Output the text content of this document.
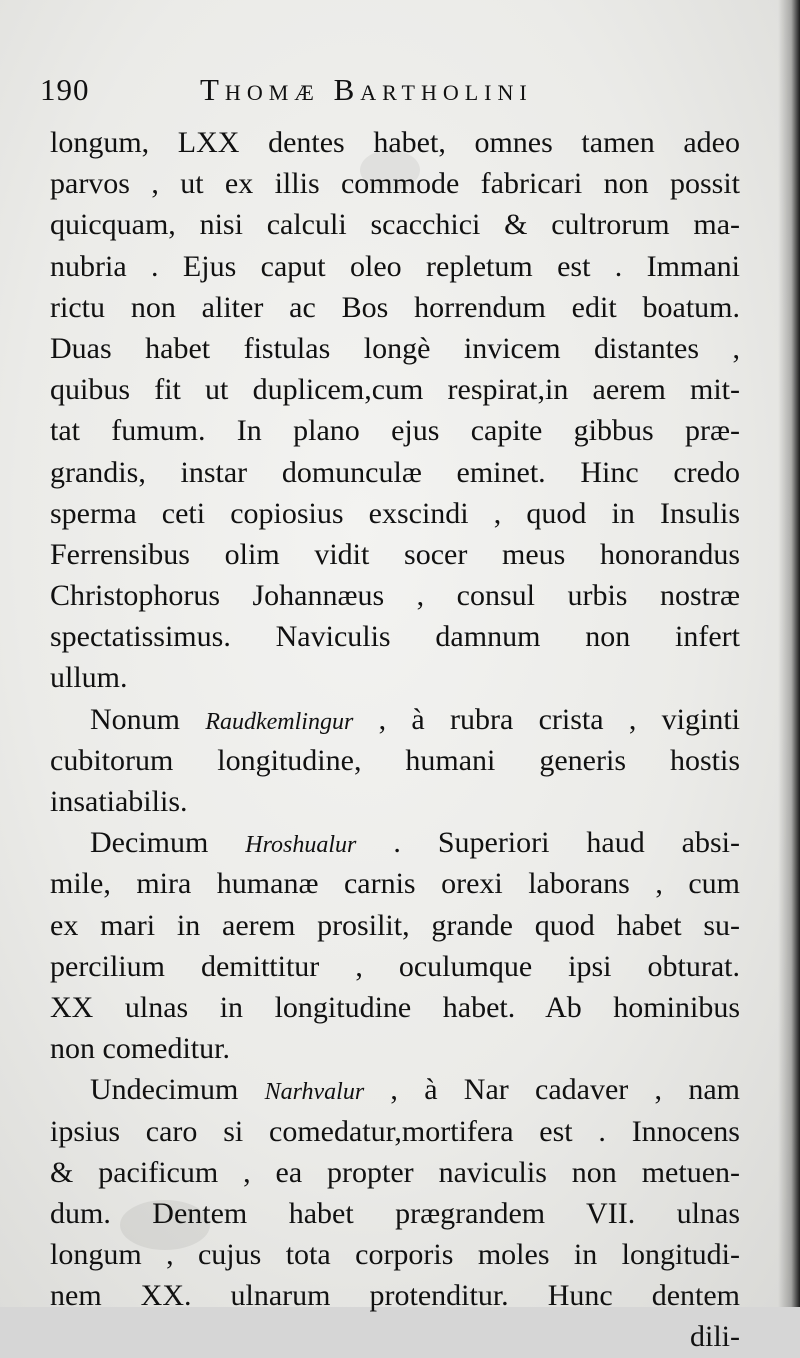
190	Thomæ Bartholini
longum, LXX dentes habet, omnes tamen adeo
parvos , ut ex illis commode fabricari non possit
quicquam, nisi calculi scacchici & cultrorum ma-
nubria . Ejus caput oleo repletum est . Immani
rictu non aliter ac Bos horrendum edit boatum.
Duas habet fistulas longè invicem distantes ,
quibus fit ut duplicem,cum respirat,in aerem mit-
tat fumum. In plano ejus capite gibbus præ-
grandis, instar domunculæ eminet. Hinc credo
sperma ceti copiosius exscindi , quod in Insulis
Ferrensibus olim vidit socer meus honorandus
Christophorus Johannæus , consul urbis nostræ
spectatissimus. Naviculis damnum non infert
ullum.
Nonum Raudkemlingur , à rubra crista , viginti
cubitorum longitudine, humani generis hostis
insatiabilis.
Decimum Hroshualur . Superiori haud absi-
mile, mira humanæ carnis orexi laborans , cum
ex mari in aerem prosilit, grande quod habet su-
percilium demittitur , oculumque ipsi obturat.
XX ulnas in longitudine habet. Ab hominibus
non comeditur.
Undecimum Narhvalur , à Nar cadaver , nam
ipsius caro si comedatur,mortifera est . Innocens
& pacificum , ea propter naviculis non metuen-
dum. Dentem habet prægrandem VII. ulnas
longum , cujus tota corporis moles in longitudi-
nem XX. ulnarum protenditur. Hunc dentem
dili-
